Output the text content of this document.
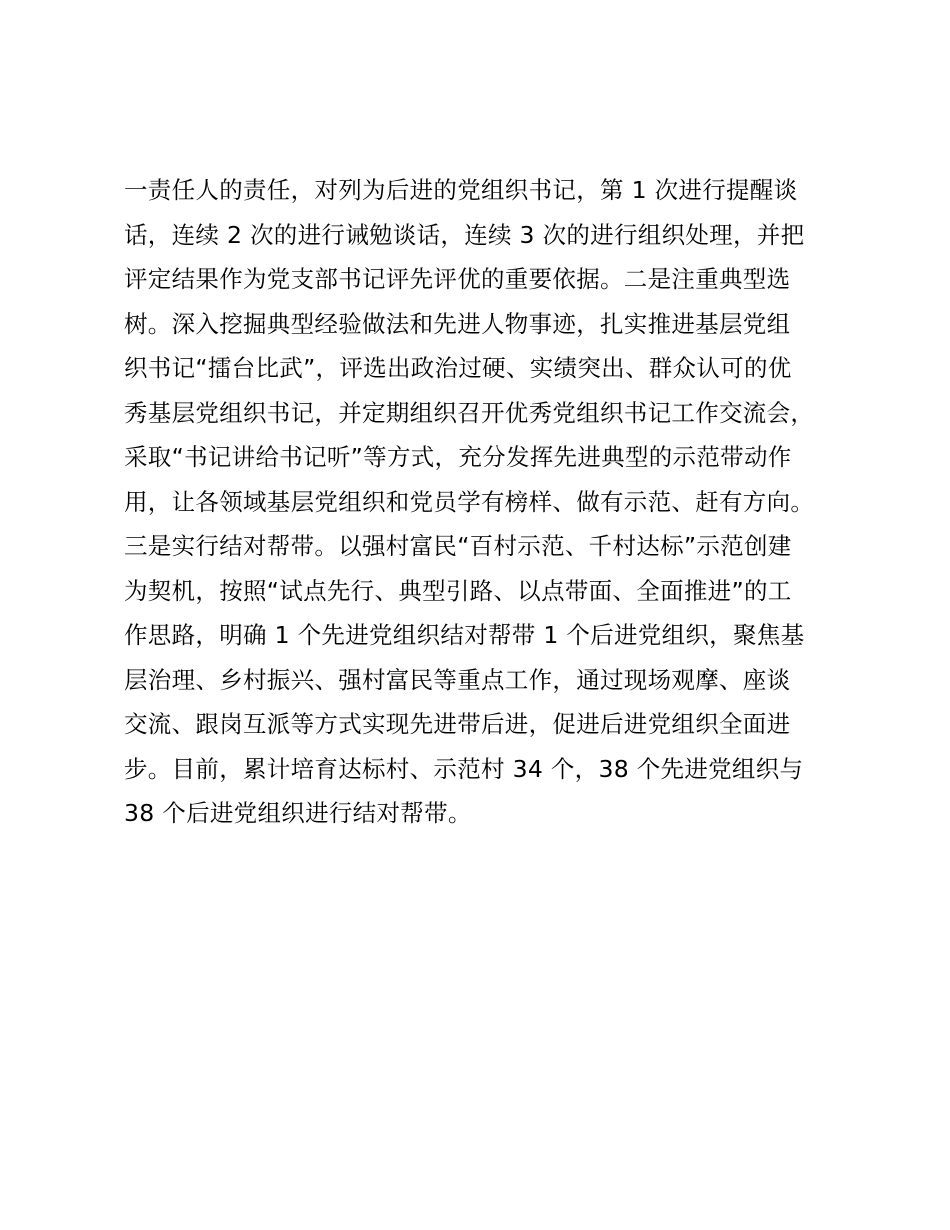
一责任人的责任，对列为后进的党组织书记，第 1 次进行提醒谈
话，连续 2 次的进行诫勉谈话，连续 3 次的进行组织处理，并把
评定结果作为党支部书记评先评优的重要依据。二是注重典型选
树。深入挖掘典型经验做法和先进人物事迹，扎实推进基层党组
织书记“擂台比武”，评选出政治过硬、实绩突出、群众认可的优
秀基层党组织书记，并定期组织召开优秀党组织书记工作交流会，
采取“书记讲给书记听”等方式，充分发挥先进典型的示范带动作
用，让各领域基层党组织和党员学有榜样、做有示范、赶有方向。
三是实行结对帮带。以强村富民“百村示范、千村达标”示范创建
为契机，按照“试点先行、典型引路、以点带面、全面推进”的工
作思路，明确 1 个先进党组织结对帮带 1 个后进党组织，聚焦基
层治理、乡村振兴、强村富民等重点工作，通过现场观摩、座谈
交流、跟岗互派等方式实现先进带后进，促进后进党组织全面进
步。目前，累计培育达标村、示范村 34 个，38 个先进党组织与
38 个后进党组织进行结对帮带。
